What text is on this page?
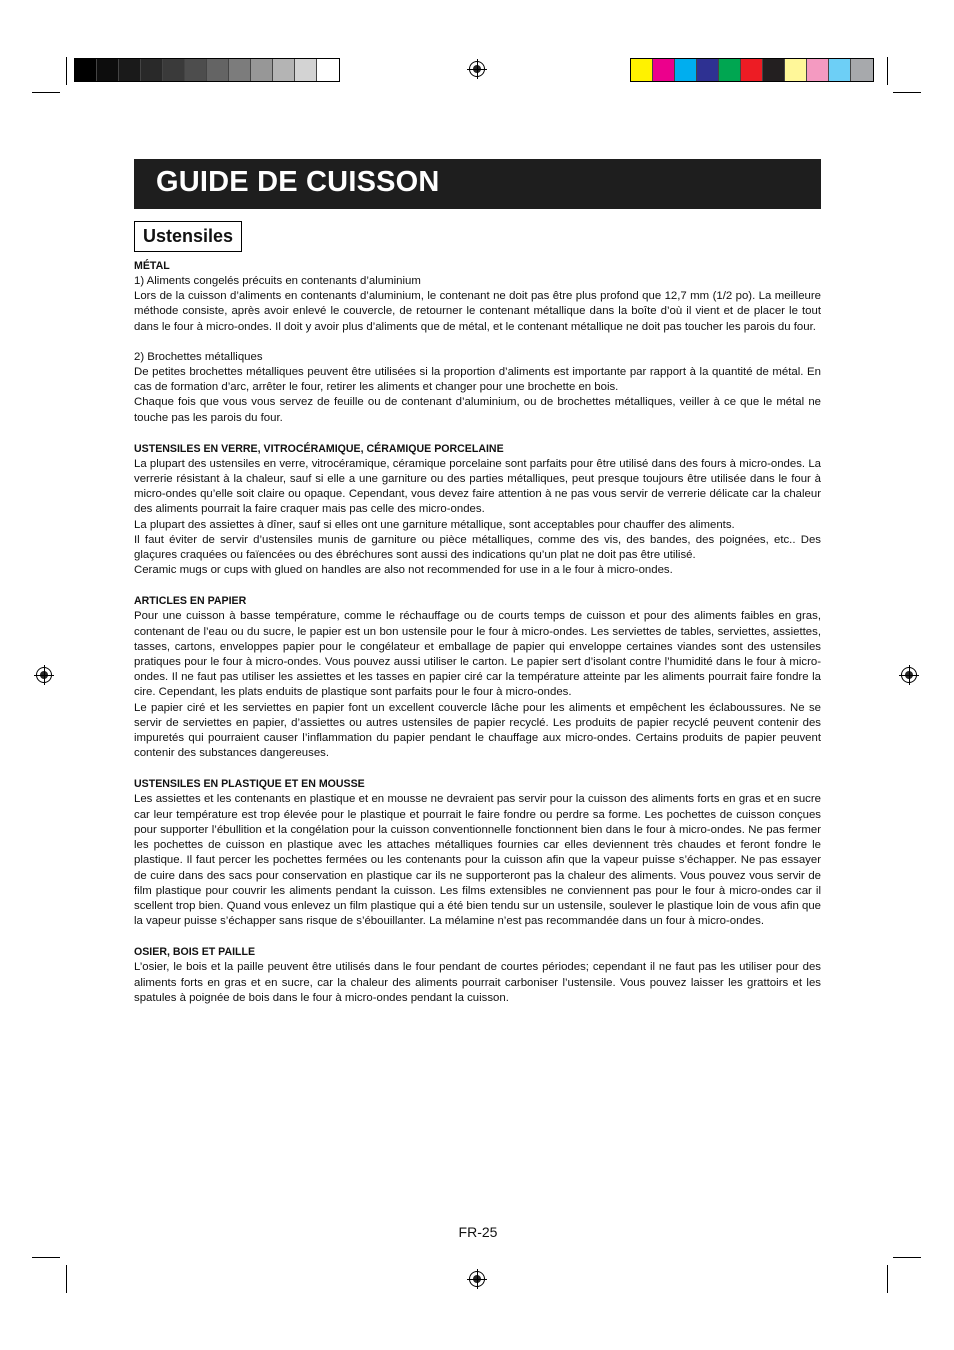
GUIDE DE CUISSON
Ustensiles
MÉTAL

1) Aliments congelés précuits en contenants d’aluminium

Lors de la cuisson d’aliments en contenants d’aluminium, le contenant ne doit pas être plus profond que 12,7 mm (1/2 po). La meilleure méthode consiste, après avoir enlevé le couvercle, de retourner le contenant métallique dans la boîte d’où il vient et de placer le tout dans le four à micro-ondes. Il doit y avoir plus d’aliments que de métal, et le contenant métallique ne doit pas toucher les parois du four.

2) Brochettes métalliques

De petites brochettes métalliques peuvent être utilisées si la proportion d’aliments est importante par rapport à la quantité de métal. En cas de formation d’arc, arrêter le four, retirer les aliments et changer pour une brochette en bois.

Chaque fois que vous vous servez de feuille ou de contenant d’aluminium, ou de brochettes métalliques, veiller à ce que le métal ne touche pas les parois du four.

USTENSILES EN VERRE, VITROCÉRAMIQUE, CÉRAMIQUE PORCELAINE

La plupart des ustensiles en verre, vitrocéramique, céramique porcelaine sont parfaits pour être utilisé dans des fours à micro-ondes. La verrerie résistant à la chaleur, sauf si elle a une garniture ou des parties métalliques, peut presque toujours être utilisée dans le four à micro-ondes qu’elle soit claire ou opaque. Cependant, vous devez faire attention à ne pas vous servir de verrerie délicate car la chaleur des aliments pourrait la faire craquer mais pas celle des micro-ondes.

La plupart des assiettes à dîner, sauf si elles ont une garniture métallique, sont acceptables pour chauffer des aliments.

Il faut éviter de servir d’ustensiles munis de garniture ou pièce métalliques, comme des vis, des bandes, des poignées, etc.. Des glaçures craquées ou faïencées ou des ébréchures sont aussi des indications qu’un plat ne doit pas être utilisé.

Ceramic mugs or cups with glued on handles are also not recommended for use in a le four à micro-ondes.

ARTICLES EN PAPIER

Pour une cuisson à basse température, comme le réchauffage ou de courts temps de cuisson et pour des aliments faibles en gras, contenant de l’eau ou du sucre, le papier est un bon ustensile pour le four à micro-ondes. Les serviettes de tables, serviettes, assiettes, tasses, cartons, enveloppes papier pour le congélateur et emballage de papier qui enveloppe certaines viandes sont des ustensiles pratiques pour le four à micro-ondes. Vous pouvez aussi utiliser le carton. Le papier sert d’isolant contre l’humidité dans le four à micro-ondes. Il ne faut pas utiliser les assiettes et les tasses en papier ciré car la température atteinte par les aliments pourrait faire fondre la cire. Cependant, les plats enduits de plastique sont parfaits pour le four à micro-ondes.

Le papier ciré et les serviettes en papier font un excellent couvercle lâche pour les aliments et empêchent les éclaboussures. Ne se servir de serviettes en papier, d’assiettes ou autres ustensiles de papier recyclé. Les produits de papier recyclé peuvent contenir des impuretés qui pourraient causer l’inflammation du papier pendant le chauffage aux micro-ondes. Certains produits de papier peuvent contenir des substances dangereuses.

USTENSILES EN PLASTIQUE ET EN MOUSSE

Les assiettes et les contenants en plastique et en mousse ne devraient pas servir pour la cuisson des aliments forts en gras et en sucre car leur température est trop élevée pour le plastique et pourrait le faire fondre ou perdre sa forme. Les pochettes de cuisson conçues pour supporter l’ébullition et la congélation pour la cuisson conventionnelle fonctionnent bien dans le four à micro-ondes. Ne pas fermer les pochettes de cuisson en plastique avec les attaches métalliques fournies car elles deviennent très chaudes et feront fondre le plastique. Il faut percer les pochettes fermées ou les contenants pour la cuisson afin que la vapeur puisse s’échapper. Ne pas essayer de cuire dans des sacs pour conservation en plastique car ils ne supporteront pas la chaleur des aliments. Vous pouvez vous servir de film plastique pour couvrir les aliments pendant la cuisson. Les films extensibles ne conviennent pas pour le four à micro-ondes car il scellent trop bien. Quand vous enlevez un film plastique qui a été bien tendu sur un ustensile, soulever le plastique loin de vous afin que la vapeur puisse s’échapper sans risque de s’ébouillanter. La mélamine n’est pas recommandée dans un four à micro-ondes.

OSIER, BOIS ET PAILLE

L’osier, le bois et la paille peuvent être utilisés dans le four pendant de courtes périodes; cependant il ne faut pas les utiliser pour des aliments forts en gras et en sucre, car la chaleur des aliments pourrait carboniser l’ustensile. Vous pouvez laisser les grattoirs et les spatules à poignée de bois dans le four à micro-ondes pendant la cuisson.

FR-25
